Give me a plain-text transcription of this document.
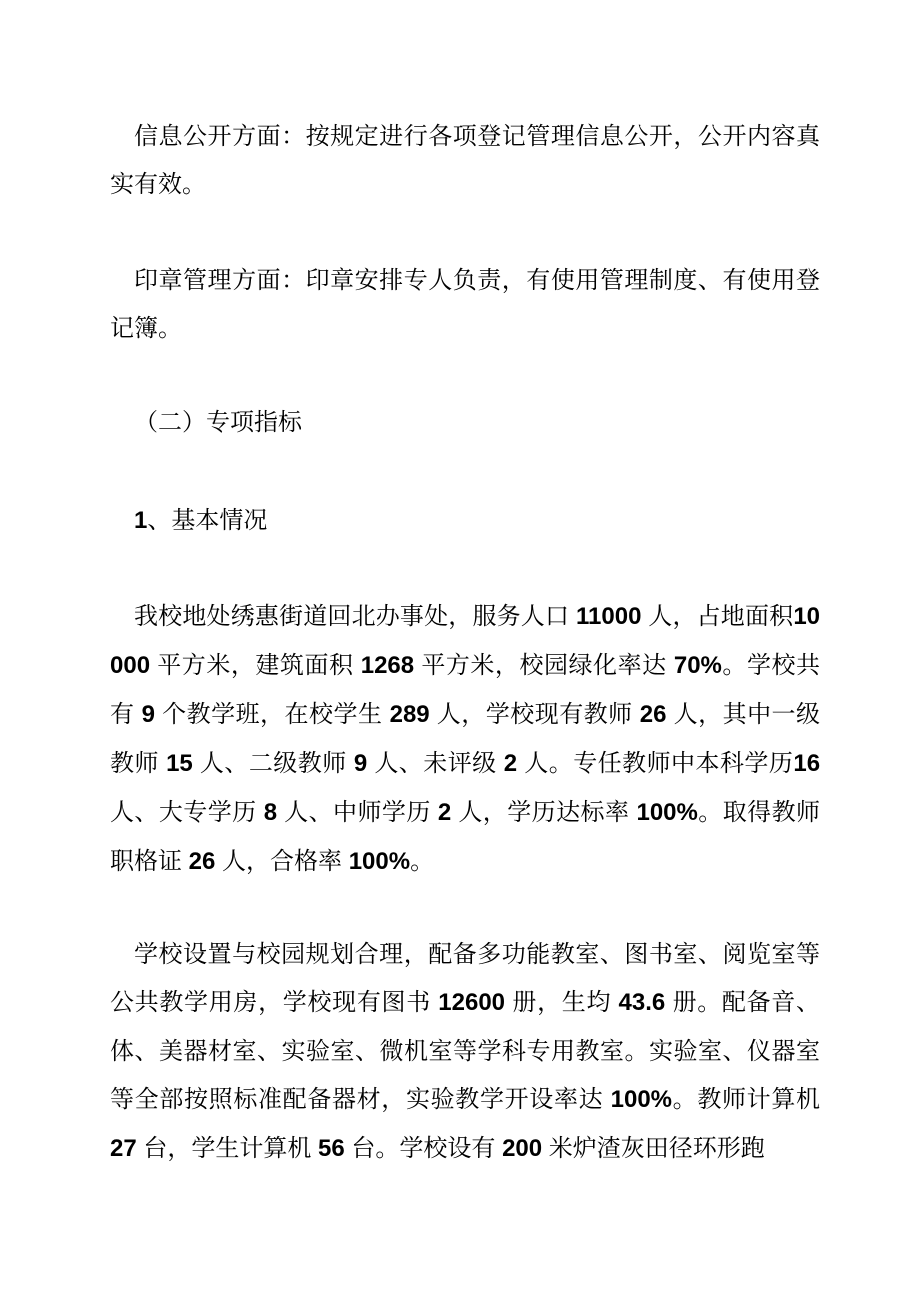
信息公开方面：按规定进行各项登记管理信息公开，公开内容真实有效。

印章管理方面：印章安排专人负责，有使用管理制度、有使用登记簿。

（二）专项指标

1、基本情况

我校地处绣惠街道回北办事处，服务人口 11000 人，占地面积10000 平方米，建筑面积 1268 平方米，校园绿化率达 70%。学校共有 9 个教学班，在校学生 289 人，学校现有教师 26 人，其中一级教师 15 人、二级教师 9 人、未评级 2 人。专任教师中本科学历16 人、大专学历 8 人、中师学历 2 人，学历达标率 100%。取得教师职格证 26 人，合格率 100%。

学校设置与校园规划合理，配备多功能教室、图书室、阅览室等公共教学用房，学校现有图书 12600 册，生均 43.6 册。配备音、体、美器材室、实验室、微机室等学科专用教室。实验室、仪器室等全部按照标准配备器材，实验教学开设率达 100%。教师计算机 27 台，学生计算机 56 台。学校设有 200 米炉渣灰田径环形跑
